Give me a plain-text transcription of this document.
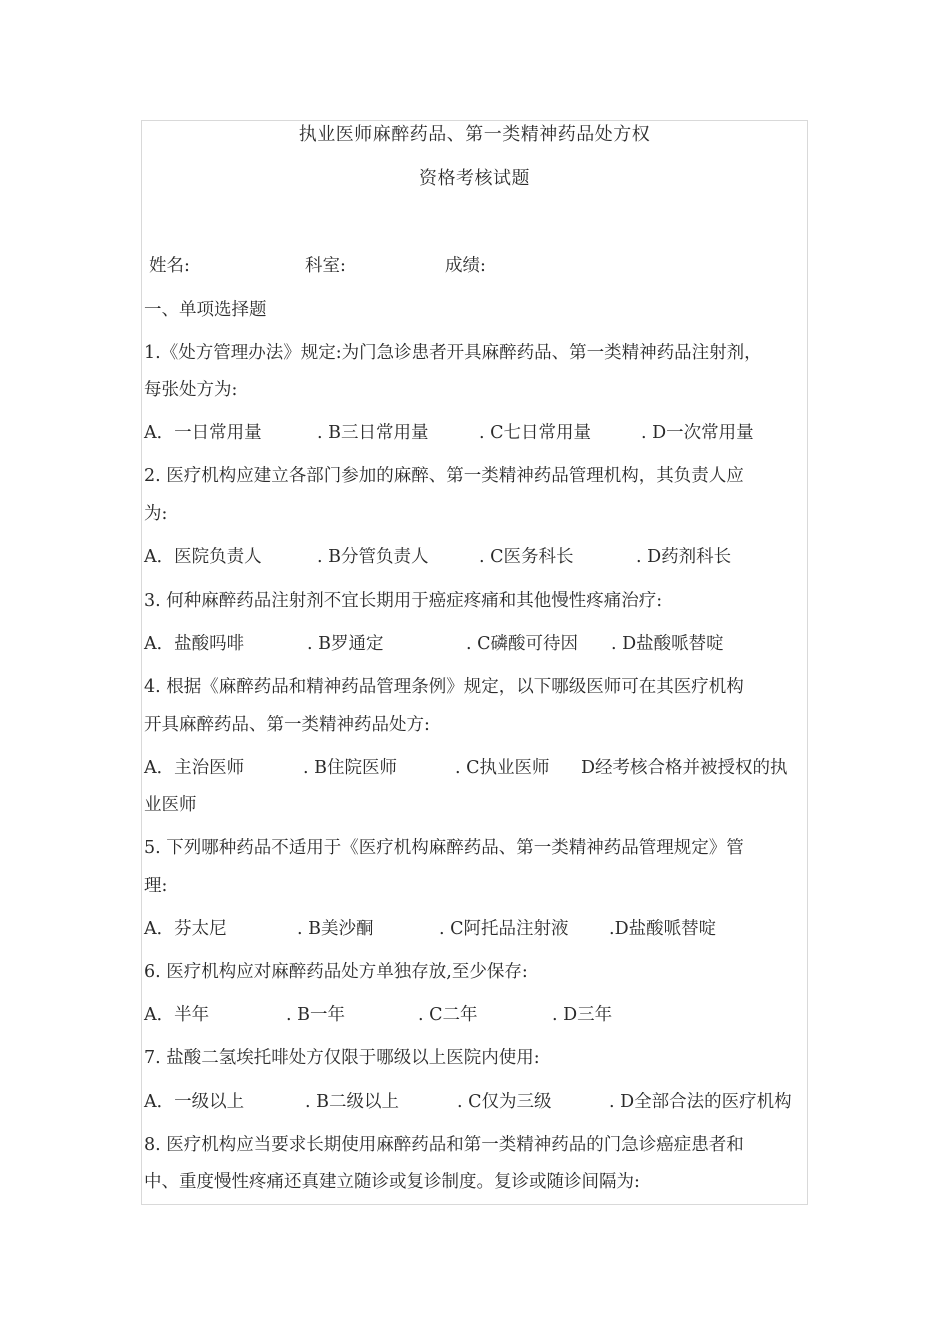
执业医师麻醉药品、第一类精神药品处方权
资格考核试题
姓名:	科室:	成绩:
一、单项选择题
1.《处方管理办法》规定:为门急诊患者开具麻醉药品、第一类精神药品注射剂，
每张处方为:
A．一日常用量	. B三日常用量	. C七日常用量	. D一次常用量
2. 医疗机构应建立各部门参加的麻醉、第一类精神药品管理机构，其负责人应
为:
A．医院负责人	. B分管负责人	. C医务科长	. D药剂科长
3. 何种麻醉药品注射剂不宜长期用于癌症疼痛和其他慢性疼痛治疗:
A．盐酸吗啡	. B罗通定	. C磷酸可待因 . D盐酸哌替啶
4. 根据《麻醉药品和精神药品管理条例》规定，以下哪级医师可在其医疗机构
开具麻醉药品、第一类精神药品处方:
A．主治医师	. B住院医师	. C执业医师 D经考核合格并被授权的执
业医师
5. 下列哪种药品不适用于《医疗机构麻醉药品、第一类精神药品管理规定》管
理:
A．芬太尼	. B美沙酮	. C阿托品注射液 .D盐酸哌替啶
6. 医疗机构应对麻醉药品处方单独存放,至少保存:
A．半年	. B一年	. C二年	. D三年
7. 盐酸二氢埃托啡处方仅限于哪级以上医院内使用:
A．一级以上	. B二级以上	. C仅为三级	. D全部合法的医疗机构
8. 医疗机构应当要求长期使用麻醉药品和第一类精神药品的门急诊癌症患者和
中、重度慢性疼痛还真建立随诊或复诊制度。复诊或随诊间隔为:
